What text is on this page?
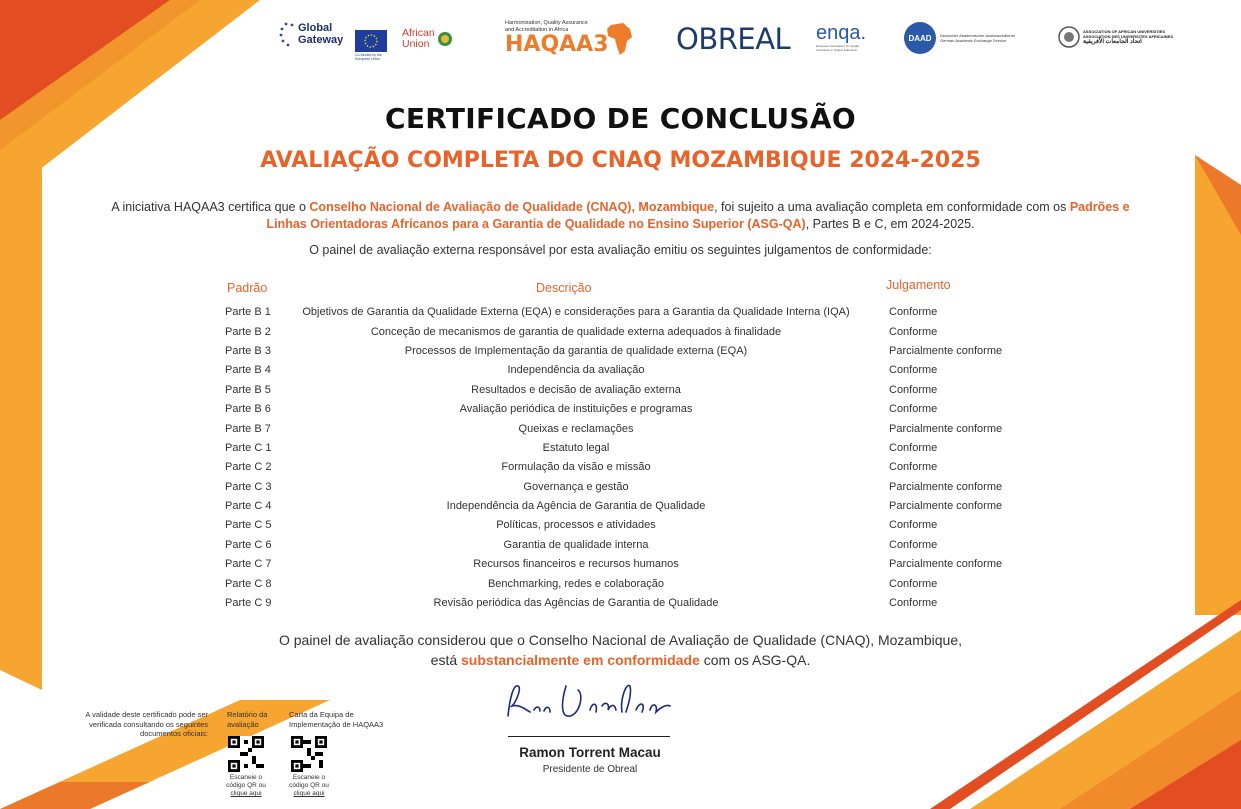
Global
Gateway
Co-funded by the European Union
African
Union
Harmonisation, Quality Assurance
and Accreditation in Africa
HAQAA3 OBREAL enqa.
European Association for Quality Assurance in Higher Education
DAAD	Deutscher Akademischer Austauschdienst
German Academic Exchange Service
ASSOCIATION OF AFRICAN UNIVERSITIES
ASSOCIATION DES UNIVERSITES AFRICAINES
اتحاد الجامعات الأفريقية
CERTIFICADO DE CONCLUSÃO
AVALIAÇÃO COMPLETA DO CNAQ MOZAMBIQUE 2024-2025
A iniciativa HAQAA3 certifica que o Conselho Nacional de Avaliação de Qualidade (CNAQ), Mozambique, foi sujeito a uma avaliação completa em conformidade com os Padrões e Linhas Orientadoras Africanos para a Garantia de Qualidade no Ensino Superior (ASG-QA), Partes B e C, em 2024-2025.
O painel de avaliação externa responsável por esta avaliação emitiu os seguintes julgamentos de conformidade:
Padrão	Descrição	Julgamento
Parte B 1	Objetivos de Garantia da Qualidade Externa (EQA) e considerações para a Garantia da Qualidade Interna (IQA)	Conforme
Parte B 2	Conceção de mecanismos de garantia de qualidade externa adequados à finalidade	Conforme
Parte B 3	Processos de Implementação da garantia de qualidade externa (EQA)	Parcialmente conforme
Parte B 4	Independência da avaliação	Conforme
Parte B 5	Resultados e decisão de avaliação externa	Conforme
Parte B 6	Avaliação periódica de instituições e programas	Conforme
Parte B 7	Queixas e reclamações	Parcialmente conforme
Parte C 1	Estatuto legal	Conforme
Parte C 2	Formulação da visão e missão	Conforme
Parte C 3	Governança e gestão	Parcialmente conforme
Parte C 4	Independência da Agência de Garantia de Qualidade	Parcialmente conforme
Parte C 5	Políticas, processos e atividades	Conforme
Parte C 6	Garantia de qualidade interna	Conforme
Parte C 7	Recursos financeiros e recursos humanos	Parcialmente conforme
Parte C 8	Benchmarking, redes e colaboração	Conforme
Parte C 9	Revisão periódica das Agências de Garantia de Qualidade	Conforme
O painel de avaliação considerou que o Conselho Nacional de Avaliação de Qualidade (CNAQ), Mozambique,
está substancialmente em conformidade com os ASG-QA.
A validade deste certificado pode ser verificada consultando os seguintes documentos oficiais:
Relatório da avaliação
Escaneie o
código QR ou
clique aqui
Carta da Equipa de Implementação de HAQAA3
Escaneie o
código QR ou
clique aqui
Ramon Torrent Macau
Presidente de Obreal
